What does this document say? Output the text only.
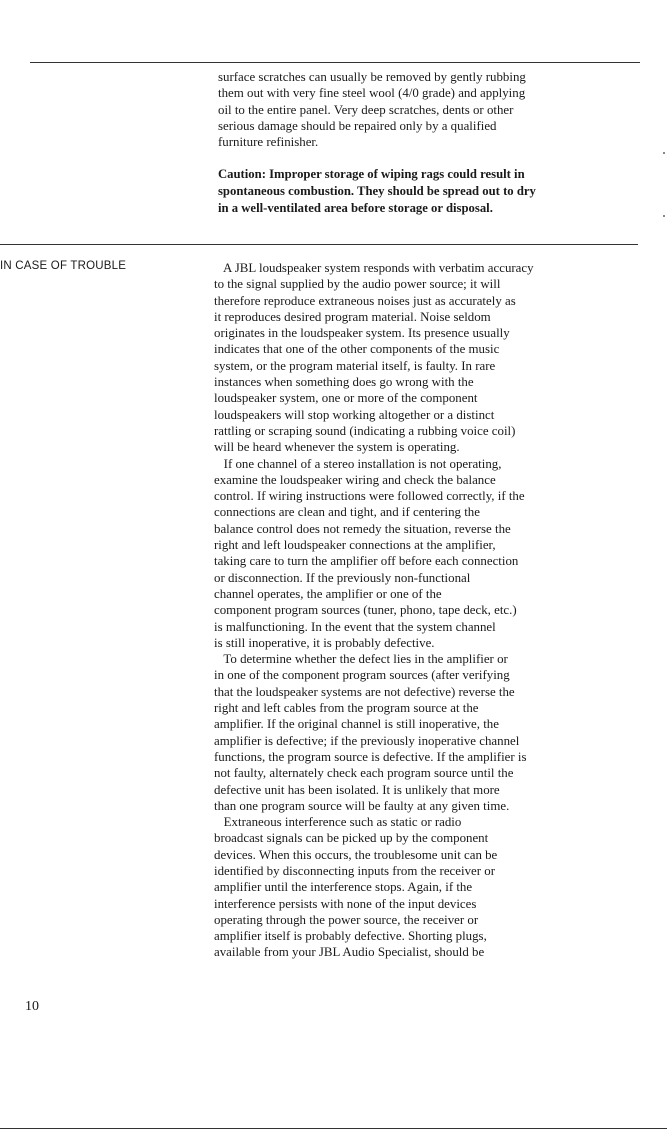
surface scratches can usually be removed by gently rubbing
them out with very fine steel wool (4/0 grade) and applying
oil to the entire panel. Very deep scratches, dents or other
serious damage should be repaired only by a qualified
furniture refinisher.
Caution: Improper storage of wiping rags could result in
spontaneous combustion. They should be spread out to dry
in a well-ventilated area before storage or disposal.
IN CASE OF TROUBLE	A JBL loudspeaker system responds with verbatim accuracy
to the signal supplied by the audio power source; it will
therefore reproduce extraneous noises just as accurately as
it reproduces desired program material. Noise seldom
originates in the loudspeaker system. Its presence usually
indicates that one of the other components of the music
system, or the program material itself, is faulty. In rare
instances when something does go wrong with the
loudspeaker system, one or more of the component
loudspeakers will stop working altogether or a distinct
rattling or scraping sound (indicating a rubbing voice coil)
will be heard whenever the system is operating.
If one channel of a stereo installation is not operating,
examine the loudspeaker wiring and check the balance
control. If wiring instructions were followed correctly, if the
connections are clean and tight, and if centering the
balance control does not remedy the situation, reverse the
right and left loudspeaker connections at the amplifier,
taking care to turn the amplifier off before each connection
or disconnection. If the previously non-functional
channel operates, the amplifier or one of the
component program sources (tuner, phono, tape deck, etc.)
is malfunctioning. In the event that the system channel
is still inoperative, it is probably defective.
To determine whether the defect lies in the amplifier or
in one of the component program sources (after verifying
that the loudspeaker systems are not defective) reverse the
right and left cables from the program source at the
amplifier. If the original channel is still inoperative, the
amplifier is defective; if the previously inoperative channel
functions, the program source is defective. If the amplifier is
not faulty, alternately check each program source until the
defective unit has been isolated. It is unlikely that more
than one program source will be faulty at any given time.
Extraneous interference such as static or radio
broadcast signals can be picked up by the component
devices. When this occurs, the troublesome unit can be
identified by disconnecting inputs from the receiver or
amplifier until the interference stops. Again, if the
interference persists with none of the input devices
operating through the power source, the receiver or
amplifier itself is probably defective. Shorting plugs,
available from your JBL Audio Specialist, should be
10
